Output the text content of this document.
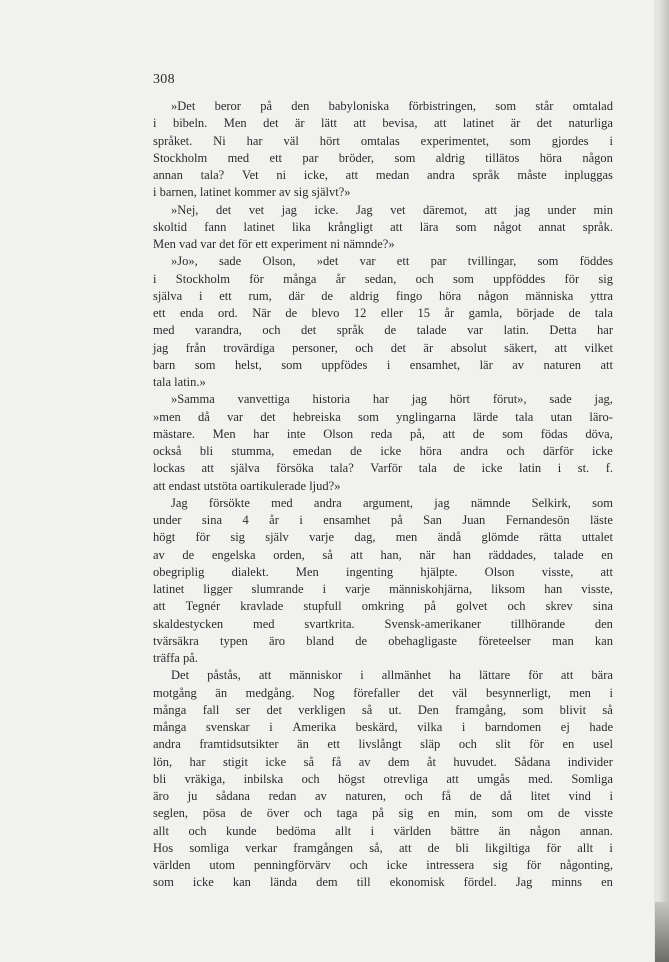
308
»Det beror på den babyloniska förbistringen, som står omtalad
i bibeln. Men det är lätt att bevisa, att latinet är det naturliga
språket. Ni har väl hört omtalas experimentet, som gjordes i
Stockholm med ett par bröder, som aldrig tillätos höra någon
annan tala? Vet ni icke, att medan andra språk måste inpluggas
i barnen, latinet kommer av sig självt?»
»Nej, det vet jag icke. Jag vet däremot, att jag under min
skoltid fann latinet lika krångligt att lära som något annat språk.
Men vad var det för ett experiment ni nämnde?»
»Jo», sade Olson, »det var ett par tvillingar, som föddes
i Stockholm för många år sedan, och som uppföddes för sig
själva i ett rum, där de aldrig fingo höra någon människa yttra
ett enda ord. När de blevo 12 eller 15 år gamla, började de tala
med varandra, och det språk de talade var latin. Detta har
jag från trovärdiga personer, och det är absolut säkert, att vilket
barn som helst, som uppfödes i ensamhet, lär av naturen att
tala latin.»
»Samma vanvettiga historia har jag hört förut», sade jag,
»men då var det hebreiska som ynglingarna lärde tala utan lärо-
mästare. Men har inte Olson reda på, att de som födas döva,
också bli stumma, emedan de icke höra andra och därför icke
lockas att själva försöka tala? Varför tala de icke latin i st. f.
att endast utstöta oartikulerade ljud?»
Jag försökte med andra argument, jag nämnde Selkirk, som
under sina 4 år i ensamhet på San Juan Fernandesön läste
högt för sig själv varje dag, men ändå glömde rätta uttalet
av de engelska orden, så att han, när han räddades, talade en
obegriplig dialekt. Men ingenting hjälpte. Olson visste, att
latinet ligger slumrande i varje människohjärna, liksom han visste,
att Tegnér kravlade stupfull omkring på golvet och skrev sina
skaldestycken med svartkrita. Svensk-amerikaner tillhörande den
tvärsäkra typen äro bland de obehagligaste företeelser man kan
träffa på.
Det påstås, att människor i allmänhet ha lättare för att bära
motgång än medgång. Nog förefaller det väl besynnerligt, men i
många fall ser det verkligen så ut. Den framgång, som blivit så
många svenskar i Amerika beskärd, vilka i barndomen ej hade
andra framtidsutsikter än ett livslångt släp och slit för en usel
lön, har stigit icke så få av dem åt huvudet. Sådana individer
bli vräkiga, inbilska och högst otrevliga att umgås med. Somliga
äro ju sådana redan av naturen, och få de då litet vind i
seglen, pösa de över och taga på sig en min, som om de visste
allt och kunde bedöma allt i världen bättre än någon annan.
Hos somliga verkar framgången så, att de bli likgiltiga för allt i
världen utom penningförvärv och icke intressera sig för någonting,
som icke kan lända dem till ekonomisk fördel. Jag minns en
